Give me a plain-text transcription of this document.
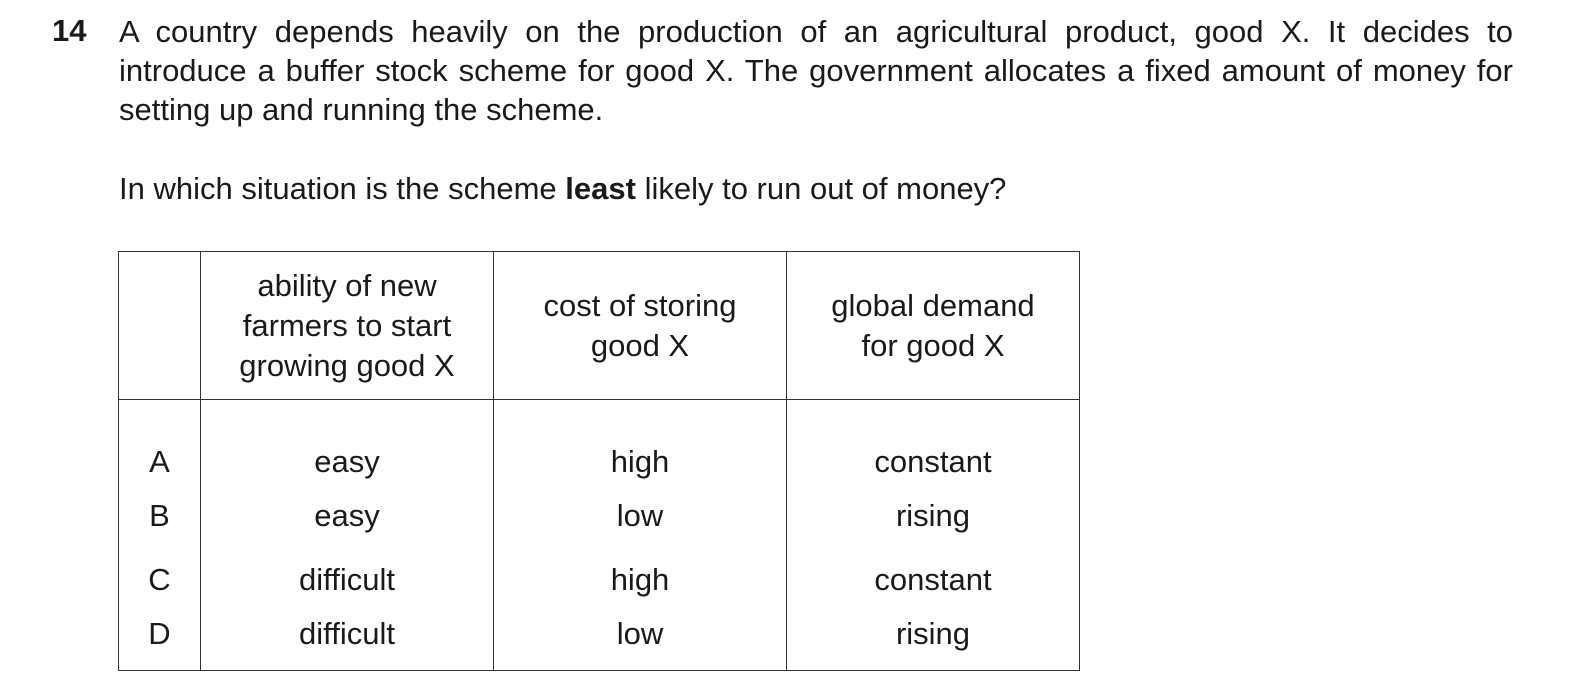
14 A country depends heavily on the production of an agricultural product, good X. It decides to introduce a buffer stock scheme for good X. The government allocates a fixed amount of money for setting up and running the scheme.

In which situation is the scheme least likely to run out of money?

	ability of new farmers to start growing good X	cost of storing good X	global demand for good X
A	easy	high	constant
B	easy	low	rising
C	difficult	high	constant
D	difficult	low	rising
